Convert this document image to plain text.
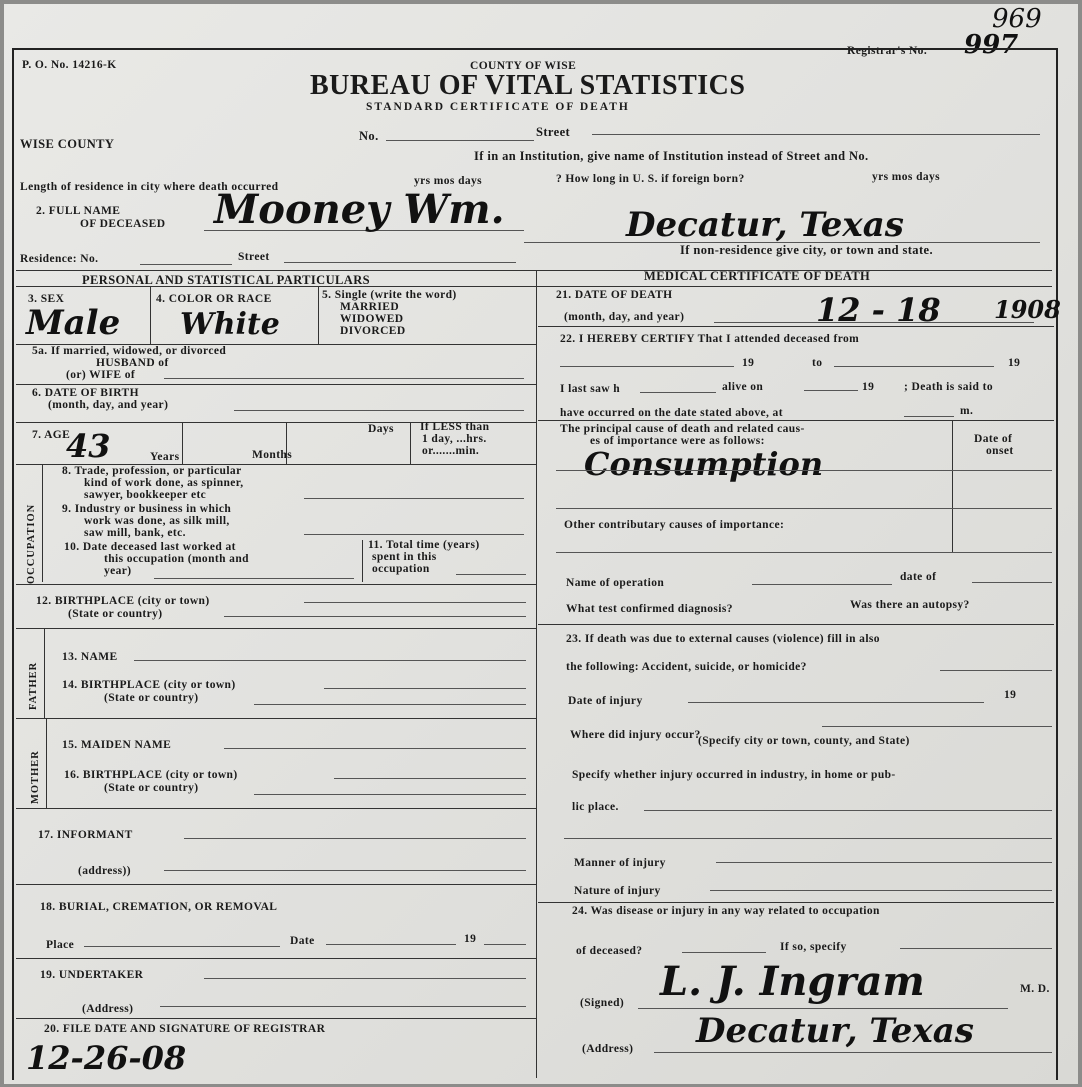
969
P. O. No. 14216-K
Registrar's No. 997
COUNTY OF WISE
BUREAU OF VITAL STATISTICS
STANDARD CERTIFICATE OF DEATH
WISE COUNTY
No.	Street
If in an Institution, give name of Institution instead of Street and No.
Length of residence in city where death occurred	yrs mos days	? How long in U. S. if foreign born?	yrs mos days
2. FULL NAME
OF DECEASED Mooney Wm.	Decatur, Texas
If non-residence give city, or town and state.
Residence: No.	Street
PERSONAL AND STATISTICAL PARTICULARS	MEDICAL CERTIFICATE OF DEATH
3. SEX
Male
4. COLOR OR RACE
White
5. Single (write the word)
MARRIED
WIDOWED
DIVORCED
5a. If married, widowed, or divorced
HUSBAND of
(or) WIFE of
6. DATE OF BIRTH
(month, day, and year)
7. AGE
43	Years	Months
Days If LESS than
1 day, ...hrs.
or.......min.
OCCUPATION
8. Trade, profession, or particular
kind of work done, as spinner,
sawyer, bookkeeper etc
9. Industry or business in which
work was done, as silk mill,
saw mill, bank, etc.
10. Date deceased last worked at
this occupation (month and
year)
11. Total time (years)
spent in this
occupation
12. BIRTHPLACE (city or town)
(State or country)
FATHER
13. NAME
14. BIRTHPLACE (city or town)
(State or country)
MOTHER
15. MAIDEN NAME
16. BIRTHPLACE (city or town)
(State or country)
17. INFORMANT
(address))
18. BURIAL, CREMATION, OR REMOVAL
Place	Date	19
19. UNDERTAKER
(Address)
20. FILE DATE AND SIGNATURE OF REGISTRAR
12-26-08
21. DATE OF DEATH
(month, day, and year)	12 - 18 1908
22. I HEREBY CERTIFY That I attended deceased from
19	to	19
I last saw h	alive on	19	; Death is said to
have occurred on the date stated above, at	m.
The principal cause of death and related caus-
es of importance were as follows:	Date of
onset
Consumption
Other contributary causes of importance:
Name of operation	date of
What test confirmed diagnosis?	Was there an autopsy?
23. If death was due to external causes (violence) fill in also
the following: Accident, suicide, or homicide?
Date of injury	19
Where did injury occur?
(Specify city or town, county, and State)
Specify whether injury occurred in industry, in home or pub-
lic place.
Manner of injury
Nature of injury
24. Was disease or injury in any way related to occupation
of deceased?	If so, specify
(Signed) L. J. Ingram	M. D.
(Address) Decatur, Texas
